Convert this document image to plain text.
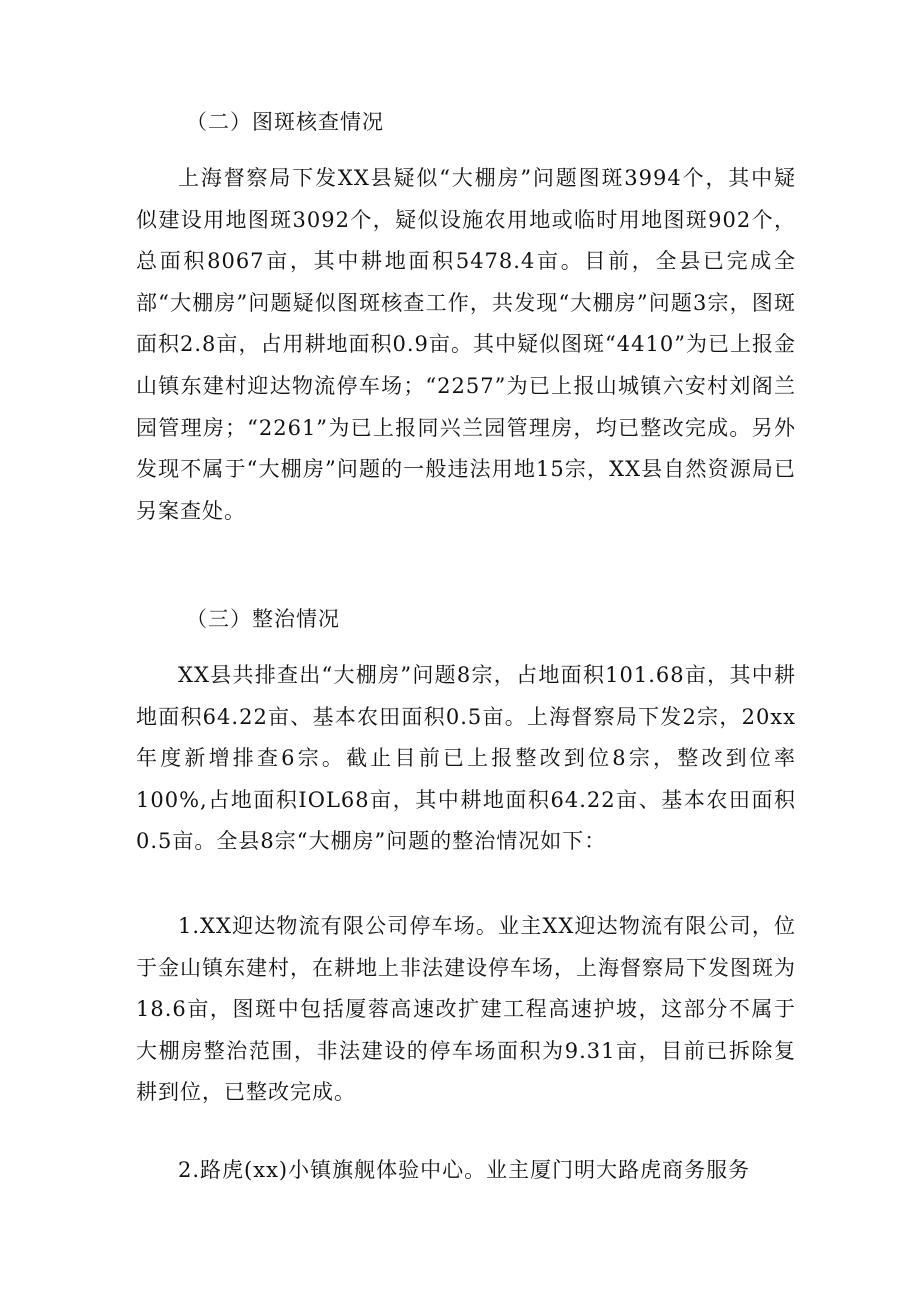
（二）图斑核查情况
上海督察局下发XX县疑似“大棚房”问题图斑3994个，其中疑似建设用地图斑3092个，疑似设施农用地或临时用地图斑902个，总面积8067亩，其中耕地面积5478.4亩。目前，全县已完成全部“大棚房”问题疑似图斑核查工作，共发现“大棚房”问题3宗，图斑面积2.8亩，占用耕地面积0.9亩。其中疑似图斑“4410”为已上报金山镇东建村迎达物流停车场；“2257”为已上报山城镇六安村刘阁兰园管理房；“2261”为已上报同兴兰园管理房，均已整改完成。另外发现不属于“大棚房”问题的一般违法用地15宗，XX县自然资源局已另案查处。
（三）整治情况
XX县共排查出“大棚房”问题8宗，占地面积101.68亩，其中耕地面积64.22亩、基本农田面积0.5亩。上海督察局下发2宗，20xx年度新增排查6宗。截止目前已上报整改到位8宗，整改到位率100%,占地面积IOL68亩，其中耕地面积64.22亩、基本农田面积0.5亩。全县8宗“大棚房”问题的整治情况如下：
1.XX迎达物流有限公司停车场。业主XX迎达物流有限公司，位于金山镇东建村，在耕地上非法建设停车场，上海督察局下发图斑为18.6亩，图斑中包括厦蓉高速改扩建工程高速护坡，这部分不属于大棚房整治范围，非法建设的停车场面积为9.31亩，目前已拆除复耕到位，已整改完成。
2.路虎(xx)小镇旗舰体验中心。业主厦门明大路虎商务服务
